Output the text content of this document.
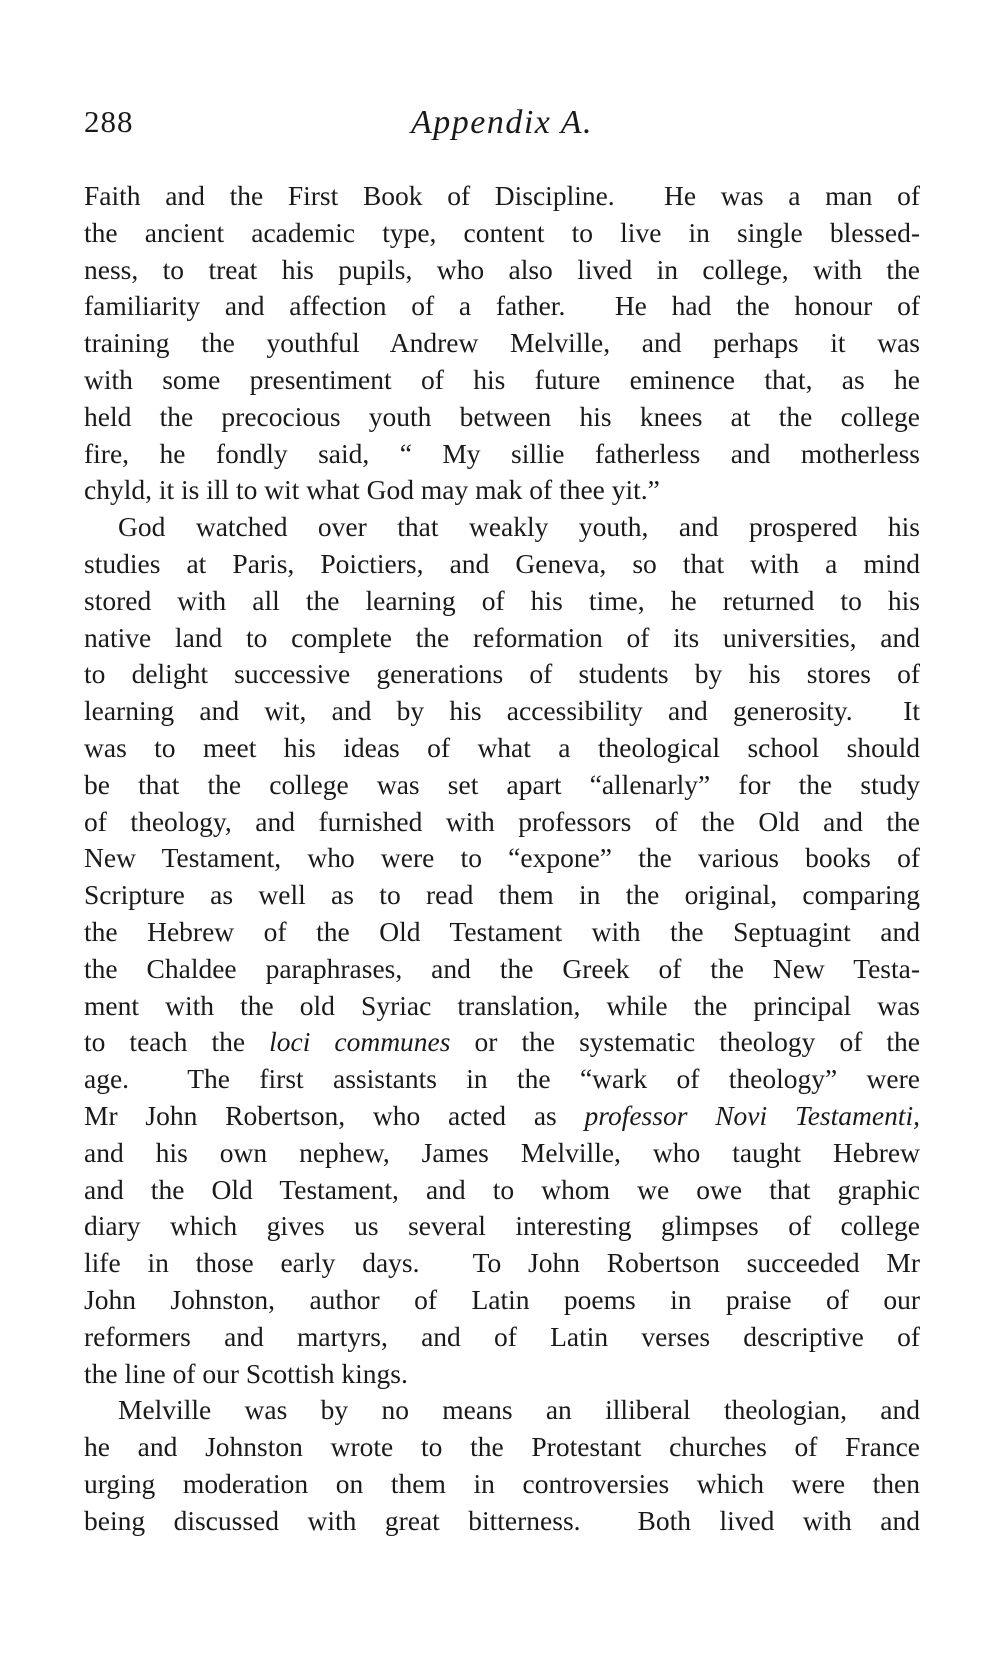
288	Appendix A.
Faith and the First Book of Discipline.  He was a man of
the ancient academic type, content to live in single blessed-
ness, to treat his pupils, who also lived in college, with the
familiarity and affection of a father.  He had the honour of
training the youthful Andrew Melville, and perhaps it was
with some presentiment of his future eminence that, as he
held the precocious youth between his knees at the college
fire, he fondly said, “ My sillie fatherless and motherless
chyld, it is ill to wit what God may mak of thee yit.”
God watched over that weakly youth, and prospered his
studies at Paris, Poictiers, and Geneva, so that with a mind
stored with all the learning of his time, he returned to his
native land to complete the reformation of its universities, and
to delight successive generations of students by his stores of
learning and wit, and by his accessibility and generosity.  It
was to meet his ideas of what a theological school should
be that the college was set apart “allenarly” for the study
of theology, and furnished with professors of the Old and the
New Testament, who were to “expone” the various books of
Scripture as well as to read them in the original, comparing
the Hebrew of the Old Testament with the Septuagint and
the Chaldee paraphrases, and the Greek of the New Testa-
ment with the old Syriac translation, while the principal was
to teach the loci communes or the systematic theology of the
age.  The first assistants in the “wark of theology” were
Mr John Robertson, who acted as professor Novi Testamenti,
and his own nephew, James Melville, who taught Hebrew
and the Old Testament, and to whom we owe that graphic
diary which gives us several interesting glimpses of college
life in those early days.  To John Robertson succeeded Mr
John Johnston, author of Latin poems in praise of our
reformers and martyrs, and of Latin verses descriptive of
the line of our Scottish kings.
Melville was by no means an illiberal theologian, and
he and Johnston wrote to the Protestant churches of France
urging moderation on them in controversies which were then
being discussed with great bitterness.  Both lived with and
